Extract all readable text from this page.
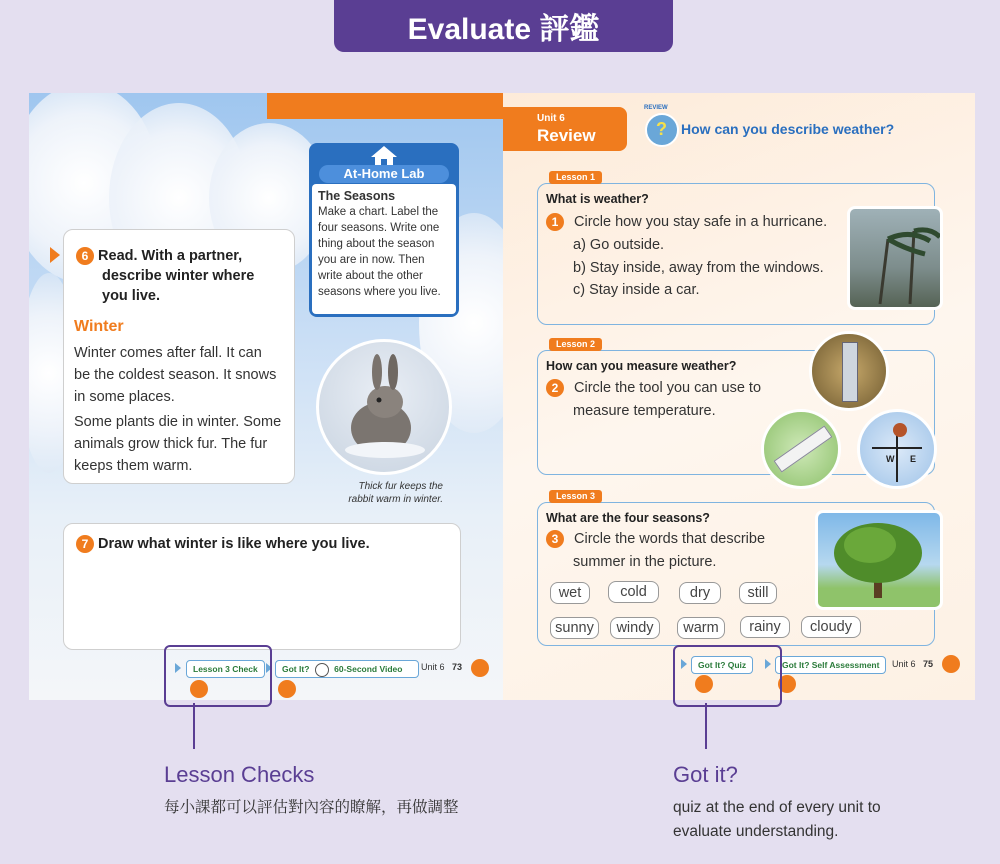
Evaluate 評鑑
6 Read. With a partner,
describe winter where
you live.
Winter
Winter comes after fall. It can
be the coldest season. It snows
in some places.
Some plants die in winter. Some
animals grow thick fur. The fur
keeps them warm.
At-Home Lab
The Seasons
Make a chart. Label the
four seasons. Write one
thing about the season
you are in now. Then
write about the other
seasons where you live.
Thick fur keeps the
rabbit warm in winter.
7 Draw what winter is like where you live.
Lesson 3 Check	Got It?	60-Second Video	Unit 6 73
Unit 6
Review
REVIEW
? How can you describe weather?
Lesson 1
What is weather?
1 Circle how you stay safe in a hurricane.
a) Go outside.
b) Stay inside, away from the windows.
c) Stay inside a car.
Lesson 2
How can you measure weather?
2 Circle the tool you can use to
measure temperature.
W E
Lesson 3
What are the four seasons?
3 Circle the words that describe
summer in the picture.
wet	cold	dry	still
sunny	windy	warm	rainy	cloudy
Got It? Quiz	Got It? Self Assessment	Unit 6 75
Lesson Checks
每小課都可以評估對內容的瞭解，再做調整
Got it?
quiz at the end of every unit to
evaluate understanding.
